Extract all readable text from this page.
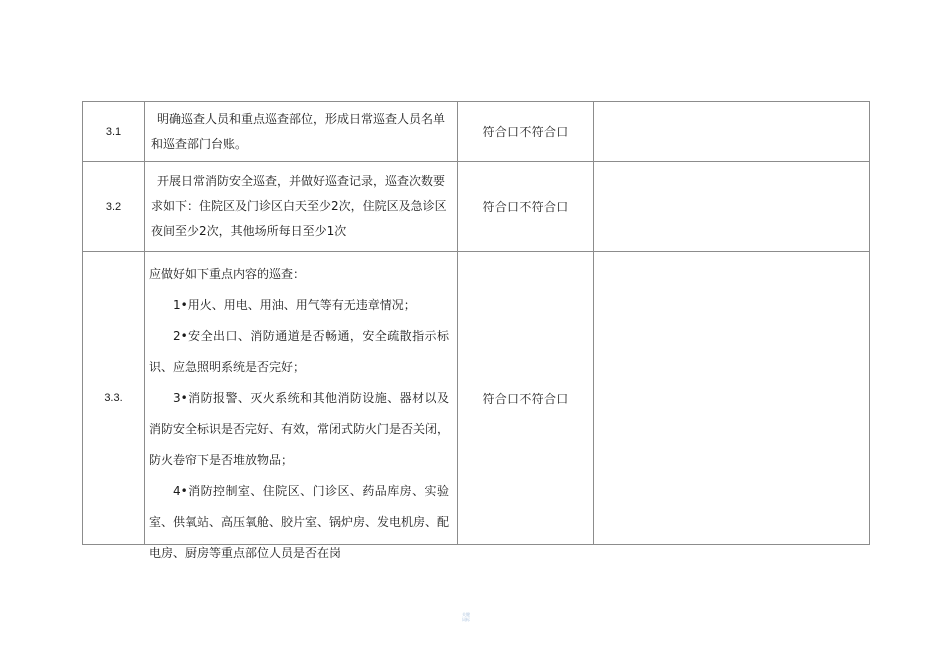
3.1	明确巡查人员和重点巡查部位，形成日常巡查人员名单
和巡查部门台账。	符合口不符合口	
3.2	开展日常消防安全巡查，并做好巡查记录，巡查次数要
求如下：住院区及门诊区白天至少2次，住院区及急诊区
夜间至少2次，其他场所每日至少1次	符合口不符合口	
3.3.	应做好如下重点内容的巡查：
1•用火、用电、用油、用气等有无违章情况；
2•安全出口、消防通道是否畅通，安全疏散指示标识、应急照明系统是否完好；
3•消防报警、灭火系统和其他消防设施、器材以及消防安全标识是否完好、有效，常闭式防火门是否关闭，防火卷帘下是否堆放物品；
4•消防控制室、住院区、门诊区、药品库房、实验室、供氧站、高压氧舱、胶片室、锅炉房、发电机房、配电房、厨房等重点部位人员是否在岗	符合口不符合口	
关键
词标
